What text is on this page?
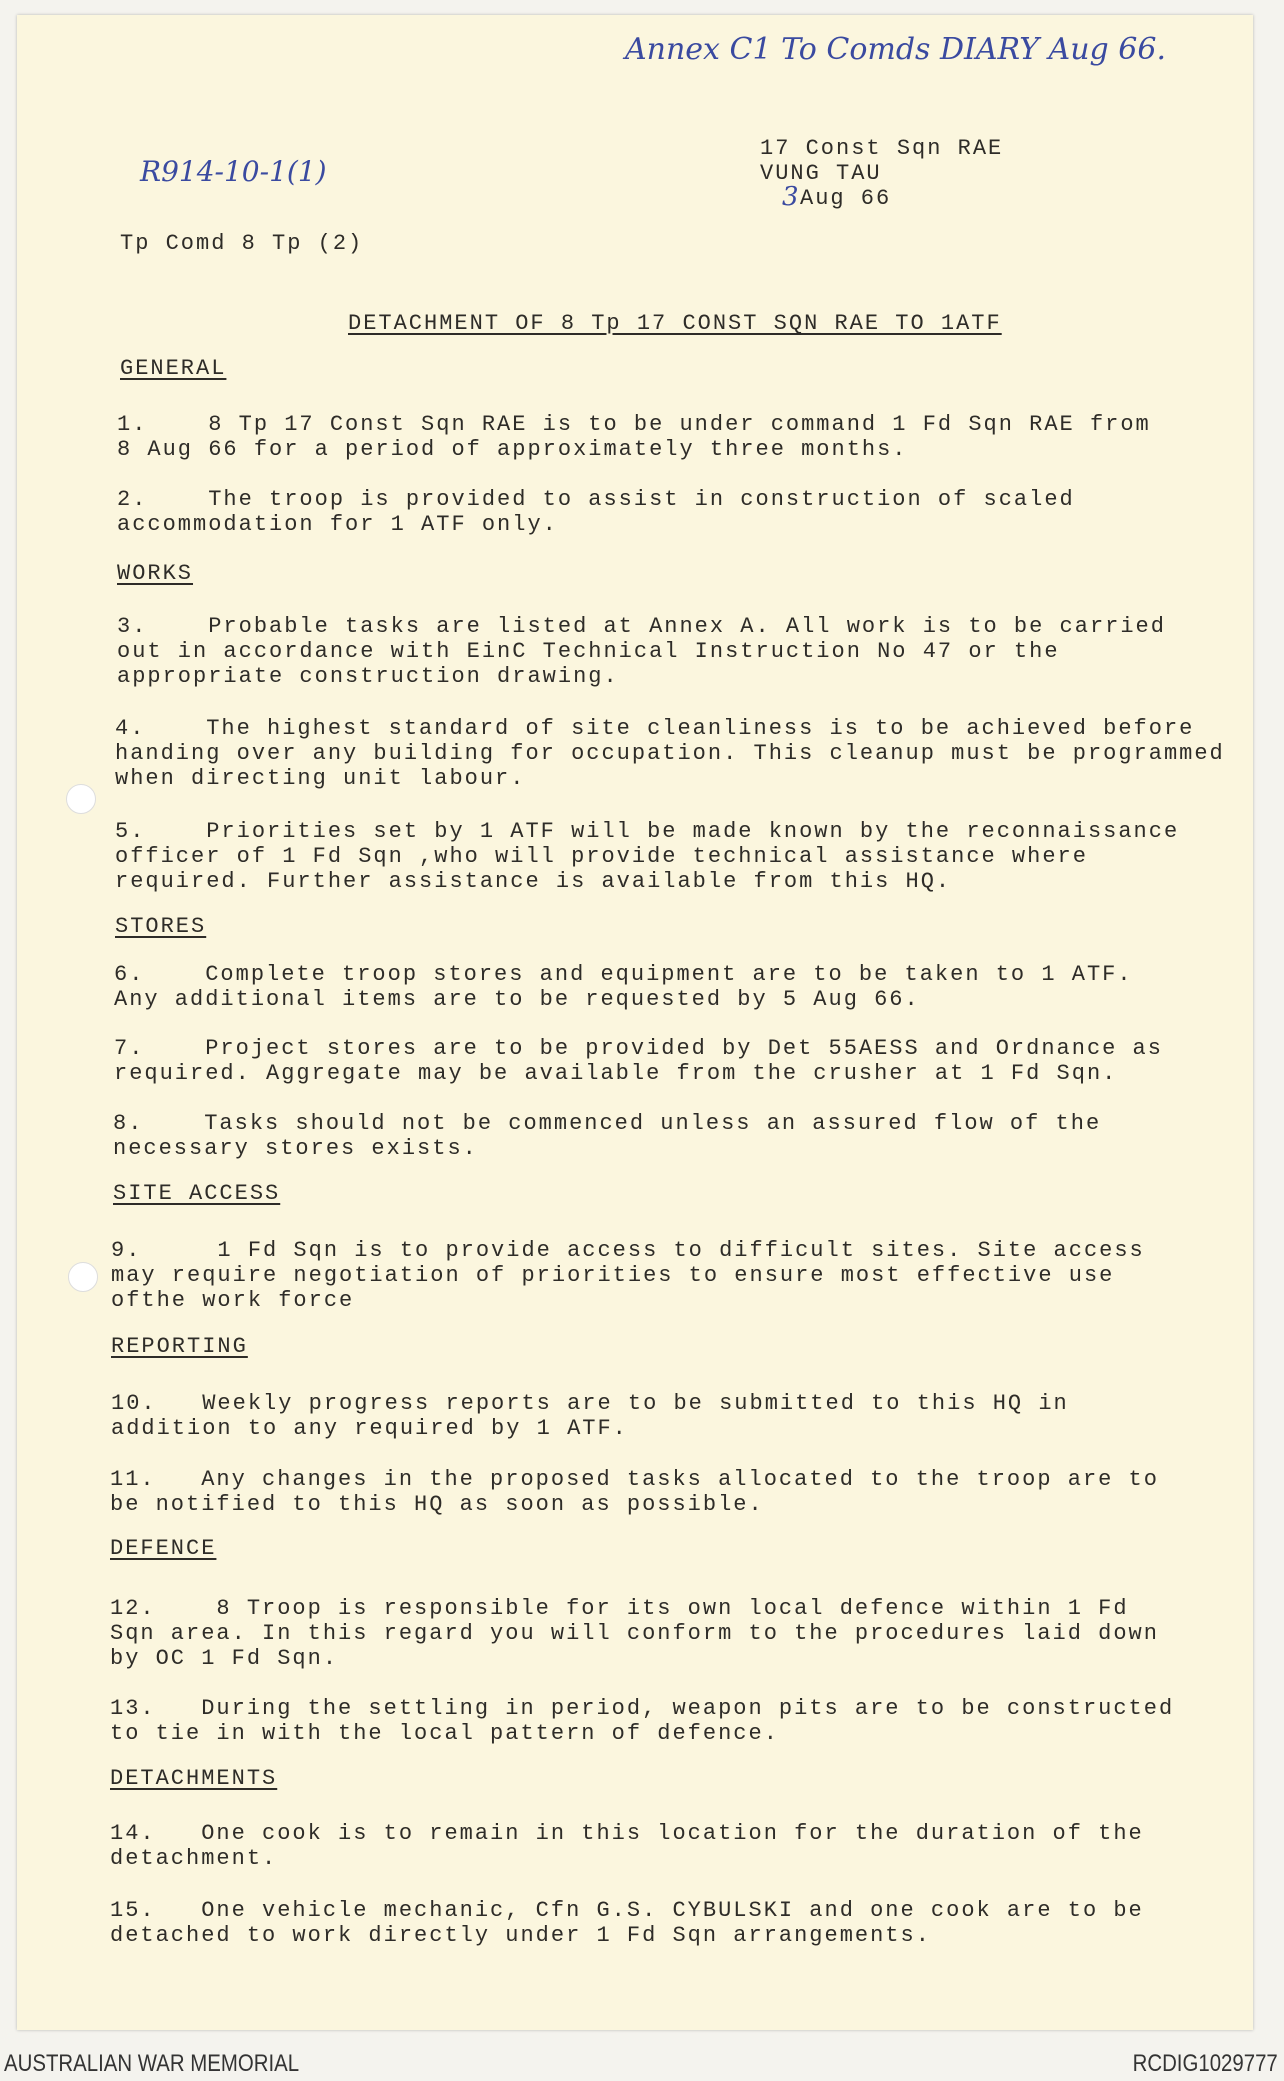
Annex C1 To Comds DIARY Aug 66.
R914-10-1(1)
17 Const Sqn RAE
VUNG TAU
3 Aug 66
Tp Comd 8 Tp (2)
DETACHMENT OF 8 Tp 17 CONST SQN RAE TO 1ATF
GENERAL
1.    8 Tp 17 Const Sqn RAE is to be under command 1 Fd Sqn RAE from
8 Aug 66 for a period of approximately three months.
2.    The troop is provided to assist in construction of scaled
accommodation for 1 ATF only.
WORKS
3.    Probable tasks are listed at Annex A. All work is to be carried
out in accordance with EinC Technical Instruction No 47 or the
appropriate construction drawing.
4.    The highest standard of site cleanliness is to be achieved before
handing over any building for occupation. This cleanup must be programmed
when directing unit labour.
5.    Priorities set by 1 ATF will be made known by the reconnaissance
officer of 1 Fd Sqn ,who will provide technical assistance where
required. Further assistance is available from this HQ.
STORES
6.    Complete troop stores and equipment are to be taken to 1 ATF.
Any additional items are to be requested by 5 Aug 66.
7.    Project stores are to be provided by Det 55AESS and Ordnance as
required. Aggregate may be available from the crusher at 1 Fd Sqn.
8.    Tasks should not be commenced unless an assured flow of the
necessary stores exists.
SITE ACCESS
9.     1 Fd Sqn is to provide access to difficult sites. Site access
may require negotiation of priorities to ensure most effective use
ofthe work force
REPORTING
10.   Weekly progress reports are to be submitted to this HQ in
addition to any required by 1 ATF.
11.   Any changes in the proposed tasks allocated to the troop are to
be notified to this HQ as soon as possible.
DEFENCE
12.    8 Troop is responsible for its own local defence within 1 Fd
Sqn area. In this regard you will conform to the procedures laid down
by OC 1 Fd Sqn.
13.   During the settling in period, weapon pits are to be constructed
to tie in with the local pattern of defence.
DETACHMENTS
14.   One cook is to remain in this location for the duration of the
detachment.
15.   One vehicle mechanic, Cfn G.S. CYBULSKI and one cook are to be
detached to work directly under 1 Fd Sqn arrangements.
AUSTRALIAN WAR MEMORIAL	RCDIG1029777
